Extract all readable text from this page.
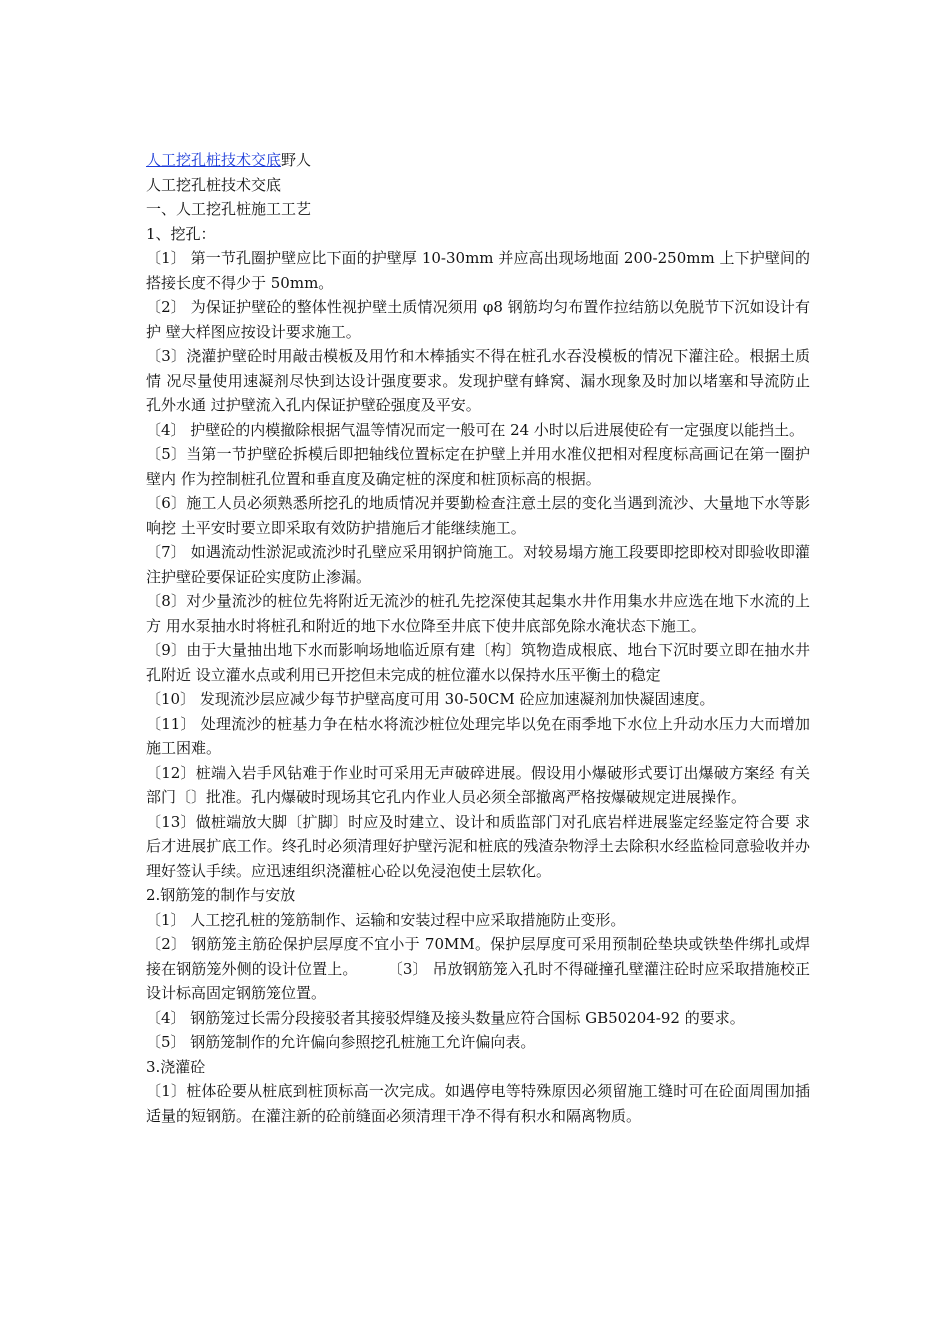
人工挖孔桩技术交底野人

人工挖孔桩技术交底

一、人工挖孔桩施工工艺

1、挖孔：

〔1〕 第一节孔圈护壁应比下面的护壁厚 10-30mm 并应高出现场地面 200-250mm 上下护壁间的搭接长度不得少于 50mm。

〔2〕 为保证护壁砼的整体性视护壁土质情况须用 φ8 钢筋均匀布置作拉结筋以免脱节下沉如设计有护 壁大样图应按设计要求施工。

〔3〕浇灌护壁砼时用敲击模板及用竹和木棒插实不得在桩孔水吞没模板的情况下灌注砼。根据土质情 况尽量使用速凝剂尽快到达设计强度要求。发现护壁有蜂窝、漏水现象及时加以堵塞和导流防止孔外水通 过护壁流入孔内保证护壁砼强度及平安。

〔4〕 护壁砼的内模撤除根据气温等情况而定一般可在 24 小时以后进展使砼有一定强度以能挡土。

〔5〕当第一节护壁砼拆模后即把轴线位置标定在护壁上并用水准仪把相对程度标高画记在第一圈护壁内 作为控制桩孔位置和垂直度及确定桩的深度和桩顶标高的根据。

〔6〕施工人员必须熟悉所挖孔的地质情况并要勤检查注意土层的变化当遇到流沙、大量地下水等影响挖 土平安时要立即采取有效防护措施后才能继续施工。

〔7〕 如遇流动性淤泥或流沙时孔壁应采用钢护筒施工。对较易塌方施工段要即挖即校对即验收即灌 注护壁砼要保证砼实度防止渗漏。

〔8〕对少量流沙的桩位先将附近无流沙的桩孔先挖深使其起集水井作用集水井应选在地下水流的上方 用水泵抽水时将桩孔和附近的地下水位降至井底下使井底部免除水淹状态下施工。

〔9〕由于大量抽出地下水而影响场地临近原有建〔构〕筑物造成根底、地台下沉时要立即在抽水井孔附近 设立灌水点或利用已开挖但未完成的桩位灌水以保持水压平衡土的稳定

〔10〕 发现流沙层应减少每节护壁高度可用 30-50CM 砼应加速凝剂加快凝固速度。

〔11〕 处理流沙的桩基力争在枯水将流沙桩位处理完毕以免在雨季地下水位上升动水压力大而增加 施工困难。

〔12〕桩端入岩手风钻难于作业时可采用无声破碎进展。假设用小爆破形式要订出爆破方案经 有关部门〔〕批准。孔内爆破时现场其它孔内作业人员必须全部撤离严格按爆破规定进展操作。

〔13〕做桩端放大脚〔扩脚〕时应及时建立、设计和质监部门对孔底岩样进展鉴定经鉴定符合要 求后才进展扩底工作。终孔时必须清理好护壁污泥和桩底的残渣杂物浮土去除积水经监检同意验收并办 理好签认手续。应迅速组织浇灌桩心砼以免浸泡使土层软化。

2.钢筋笼的制作与安放

〔1〕 人工挖孔桩的笼筋制作、运输和安装过程中应采取措施防止变形。

〔2〕 钢筋笼主筋砼保护层厚度不宜小于 70MM。保护层厚度可采用预制砼垫块或铁垫件绑扎或焊接在钢筋笼外侧的设计位置上。　　　〔3〕 吊放钢筋笼入孔时不得碰撞孔壁灌注砼时应采取措施校正设计标高固定钢筋笼位置。

〔4〕 钢筋笼过长需分段接驳者其接驳焊缝及接头数量应符合国标 GB50204-92 的要求。

〔5〕 钢筋笼制作的允许偏向参照挖孔桩施工允许偏向表。

3.浇灌砼

〔1〕桩体砼要从桩底到桩顶标高一次完成。如遇停电等特殊原因必须留施工缝时可在砼面周围加插适量的短钢筋。在灌注新的砼前缝面必须清理干净不得有积水和隔离物质。
